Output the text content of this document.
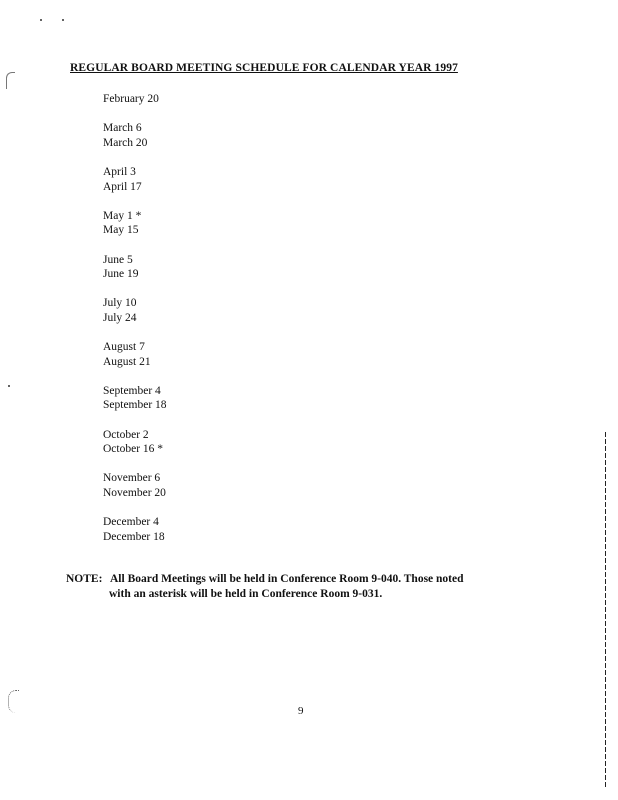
REGULAR BOARD MEETING SCHEDULE FOR CALENDAR YEAR 1997
February 20
March 6
March 20
April 3
April 17
May 1 *
May 15
June 5
June 19
July 10
July 24
August 7
August 21
September 4
September 18
October 2
October 16 *
November 6
November 20
December 4
December 18
NOTE: All Board Meetings will be held in Conference Room 9-040. Those noted
with an asterisk will be held in Conference Room 9-031.
9
